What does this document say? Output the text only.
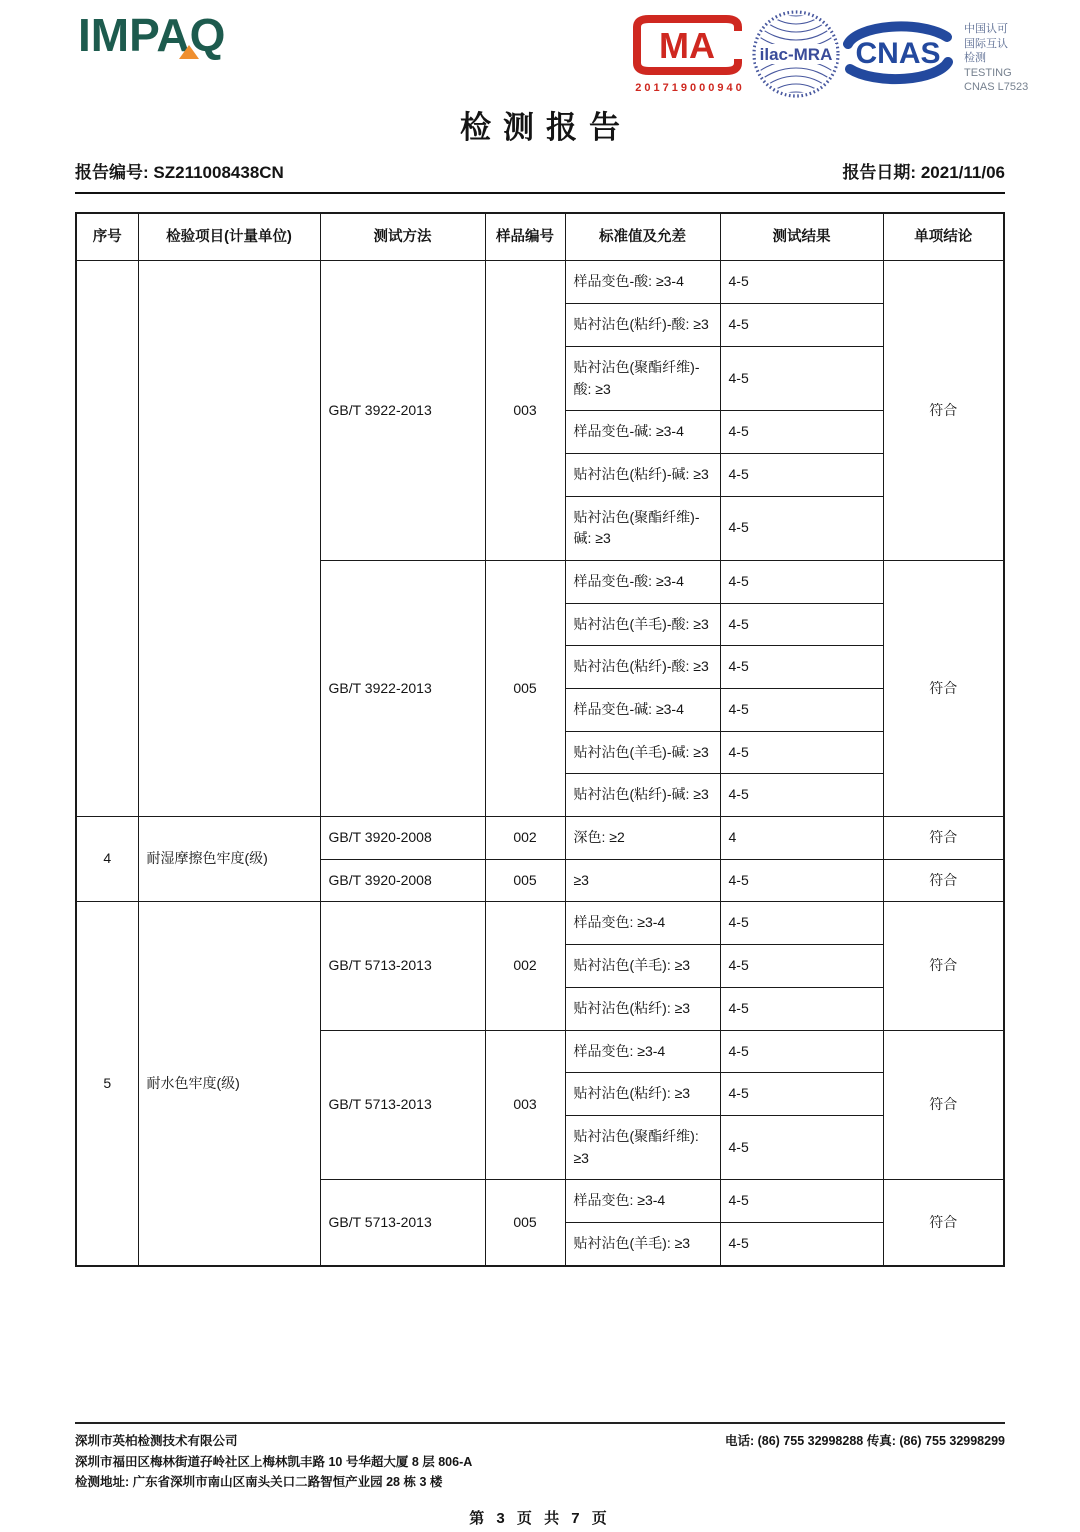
IMPAQ	MA
201719000940
ilac-MRA CNAS
中国认可
国际互认
检测
TESTING
CNAS L7523
检测报告
报告编号: SZ211008438CN	报告日期: 2021/11/06
序号	检验项目(计量单位)	测试方法	样品编号	标准值及允差	测试结果	单项结论
		GB/T 3922-2013	003	样品变色-酸: ≥3-4	4-5	符合
				贴衬沾色(粘纤)-酸: ≥3	4-5	
				贴衬沾色(聚酯纤维)-酸: ≥3	4-5	
				样品变色-碱: ≥3-4	4-5	
				贴衬沾色(粘纤)-碱: ≥3	4-5	
				贴衬沾色(聚酯纤维)-碱: ≥3	4-5	
		GB/T 3922-2013	005	样品变色-酸: ≥3-4	4-5	符合
				贴衬沾色(羊毛)-酸: ≥3	4-5	
				贴衬沾色(粘纤)-酸: ≥3	4-5	
				样品变色-碱: ≥3-4	4-5	
				贴衬沾色(羊毛)-碱: ≥3	4-5	
				贴衬沾色(粘纤)-碱: ≥3	4-5	
4	耐湿摩擦色牢度(级)	GB/T 3920-2008	002	深色: ≥2	4	符合
		GB/T 3920-2008	005	≥3	4-5	符合
5	耐水色牢度(级)	GB/T 5713-2013	002	样品变色: ≥3-4	4-5	符合
				贴衬沾色(羊毛): ≥3	4-5	
				贴衬沾色(粘纤): ≥3	4-5	
		GB/T 5713-2013	003	样品变色: ≥3-4	4-5	符合
				贴衬沾色(粘纤): ≥3	4-5	
				贴衬沾色(聚酯纤维): ≥3	4-5	
		GB/T 5713-2013	005	样品变色: ≥3-4	4-5	符合
				贴衬沾色(羊毛): ≥3	4-5	
深圳市英柏检测技术有限公司	电话: (86) 755 32998288 传真: (86) 755 32998299
深圳市福田区梅林街道孖岭社区上梅林凯丰路 10 号华超大厦 8 层 806-A
检测地址: 广东省深圳市南山区南头关口二路智恒产业园 28 栋 3 楼
第 3 页 共 7 页
